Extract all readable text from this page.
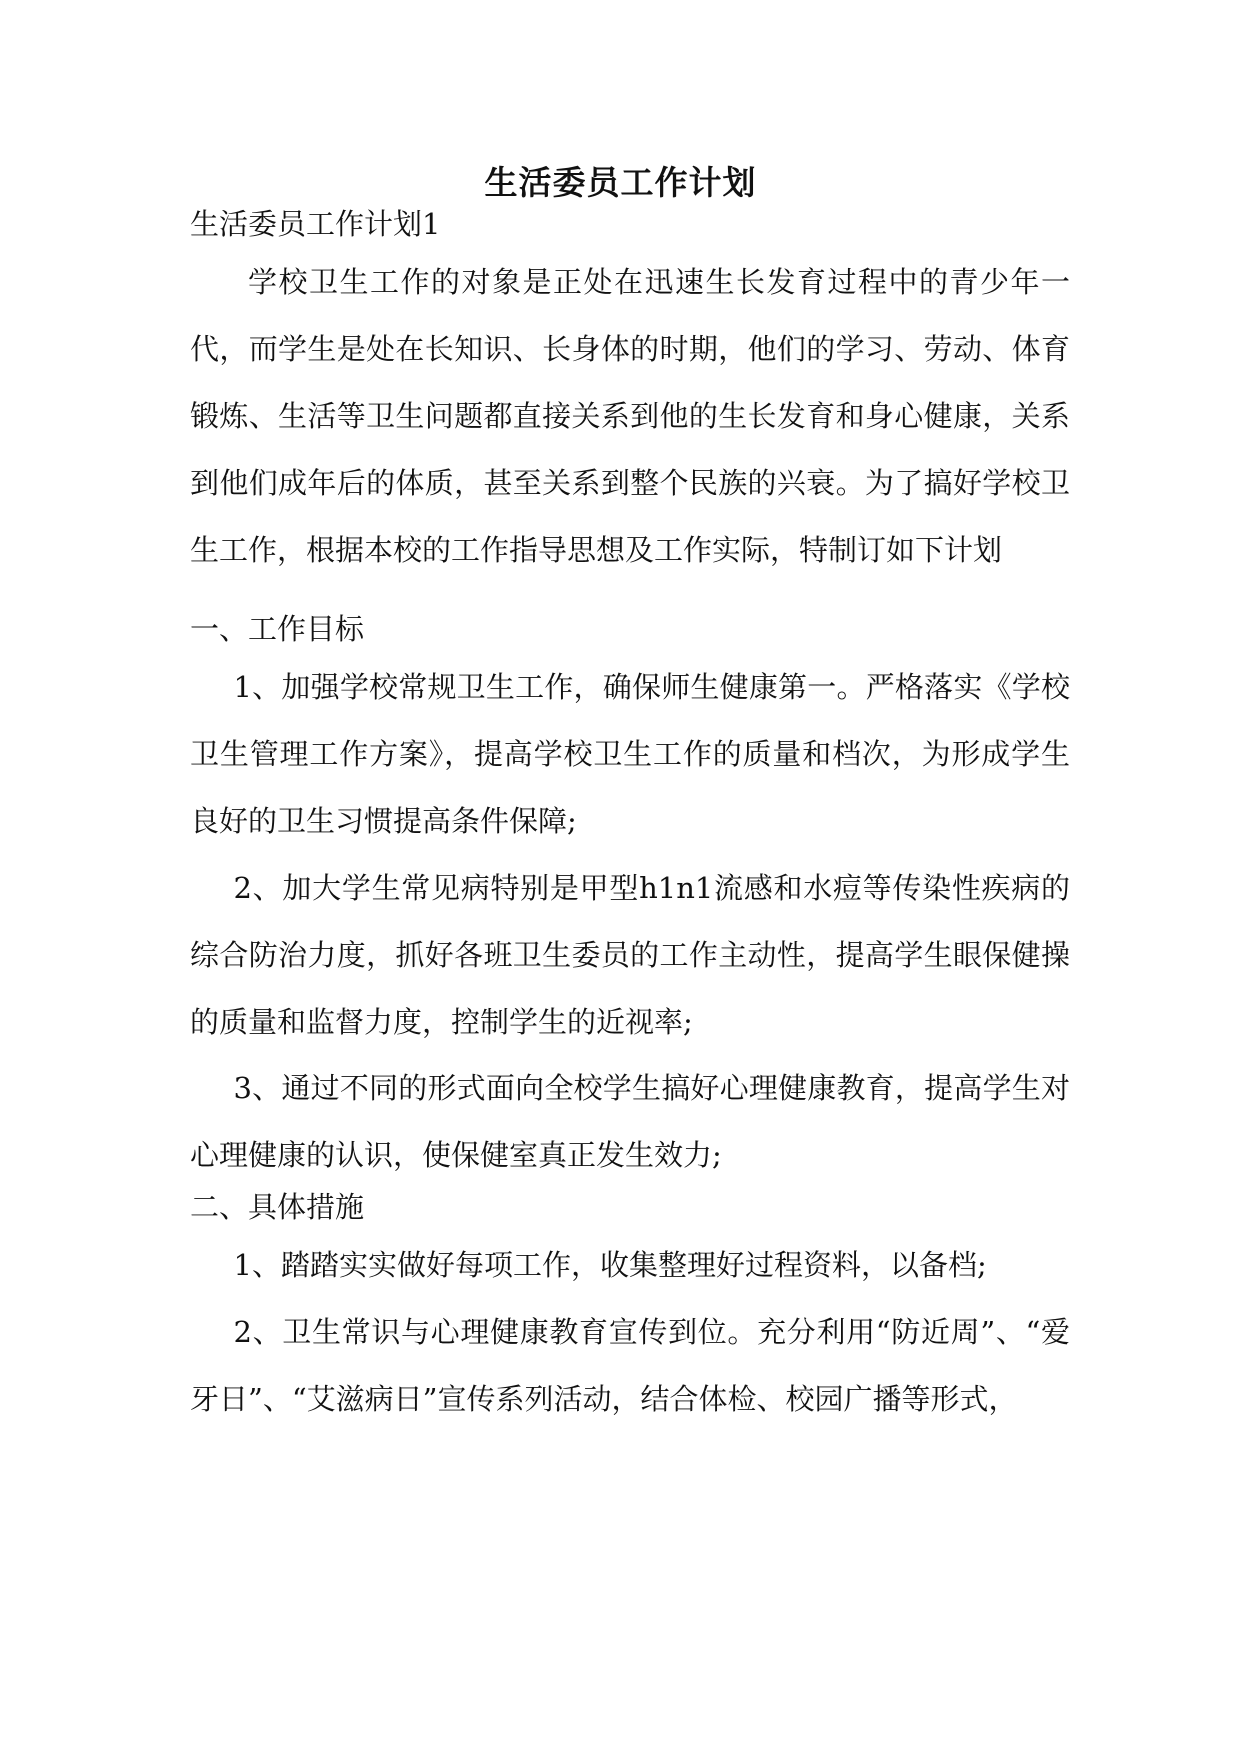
生活委员工作计划
生活委员工作计划1
学校卫生工作的对象是正处在迅速生长发育过程中的青少年一代，而学生是处在长知识、长身体的时期，他们的学习、劳动、体育锻炼、生活等卫生问题都直接关系到他的生长发育和身心健康，关系到他们成年后的体质，甚至关系到整个民族的兴衰。为了搞好学校卫生工作，根据本校的工作指导思想及工作实际，特制订如下计划
一、工作目标
1、加强学校常规卫生工作，确保师生健康第一。严格落实《学校卫生管理工作方案》，提高学校卫生工作的质量和档次，为形成学生良好的卫生习惯提高条件保障;
2、加大学生常见病特别是甲型h1n1流感和水痘等传染性疾病的综合防治力度，抓好各班卫生委员的工作主动性，提高学生眼保健操的质量和监督力度，控制学生的近视率;
3、通过不同的形式面向全校学生搞好心理健康教育，提高学生对心理健康的认识，使保健室真正发生效力;
二、具体措施
1、踏踏实实做好每项工作，收集整理好过程资料，以备档;
2、卫生常识与心理健康教育宣传到位。充分利用“防近周”、“爱牙日”、“艾滋病日”宣传系列活动，结合体检、校园广播等形式，
